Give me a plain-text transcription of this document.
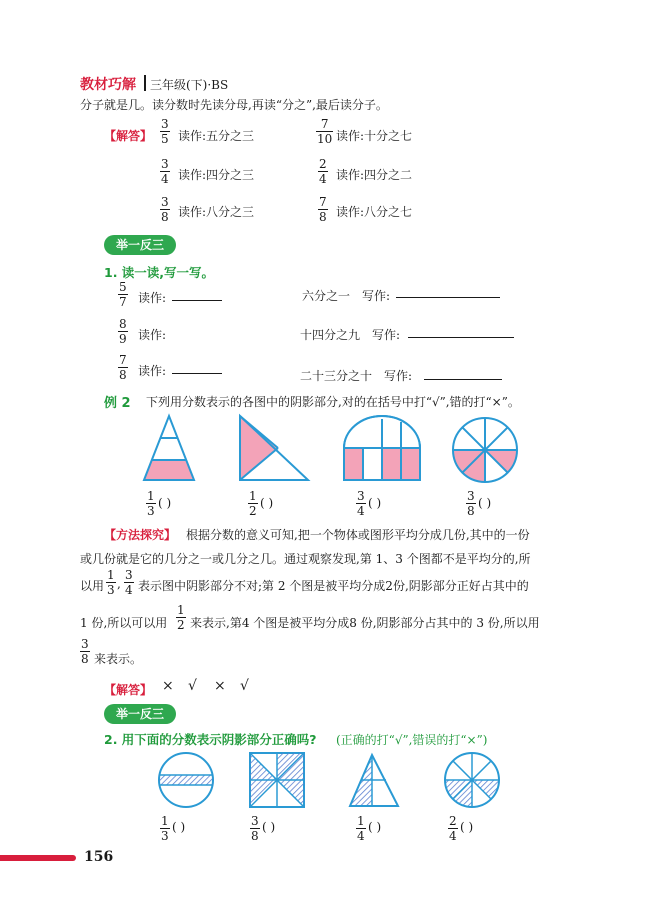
教材巧解 三年级(下)·BS
分子就是几。读分数时先读分母,再读“分之”,最后读分子。
【解答】 $\frac{3}{5}$ 读作:五分之三	$\frac{7}{10}$ 读作:十分之七
$\frac{3}{4}$ 读作:四分之三	$\frac{2}{4}$ 读作:四分之二
$\frac{3}{8}$ 读作:八分之三	$\frac{7}{8}$ 读作:八分之七
举一反三
1. 读一读,写一写。
$\frac{5}{7}$ 读作:	六分之一 写作:
$\frac{8}{9}$ 读作:	十四分之九 写作:
$\frac{7}{8}$ 读作:	二十三分之十 写作:
例 2 下列用分数表示的各图中的阴影部分,对的在括号中打“√”,错的打“×”。
$\frac{1}{3}$ ( )	$\frac{1}{2}$ ( )	$\frac{3}{4}$ ( )	$\frac{3}{8}$ ( )
【方法探究】 根据分数的意义可知,把一个物体或图形平均分成几份,其中的一份
或几份就是它的几分之一或几分之几。通过观察发现,第 1、3 个图都不是平均分的,所
以用 $\frac{1}{3}$ , $\frac{3}{4}$ 表示图中阴影部分不对;第 2 个图是被平均分成2份,阴影部分正好占其中的
1 份,所以可以用 $\frac{1}{2}$ 来表示,第4 个图是被平均分成8 份,阴影部分占其中的 3 份,所以用
$\frac{3}{8}$ 来表示。
【解答】 × √ × √
举一反三
2. 用下面的分数表示阴影部分正确吗? (正确的打“√”,错误的打“×”)
$\frac{1}{3}$ ( )	$\frac{3}{8}$ ( )	$\frac{1}{4}$ ( )	$\frac{2}{4}$ ( )
156
